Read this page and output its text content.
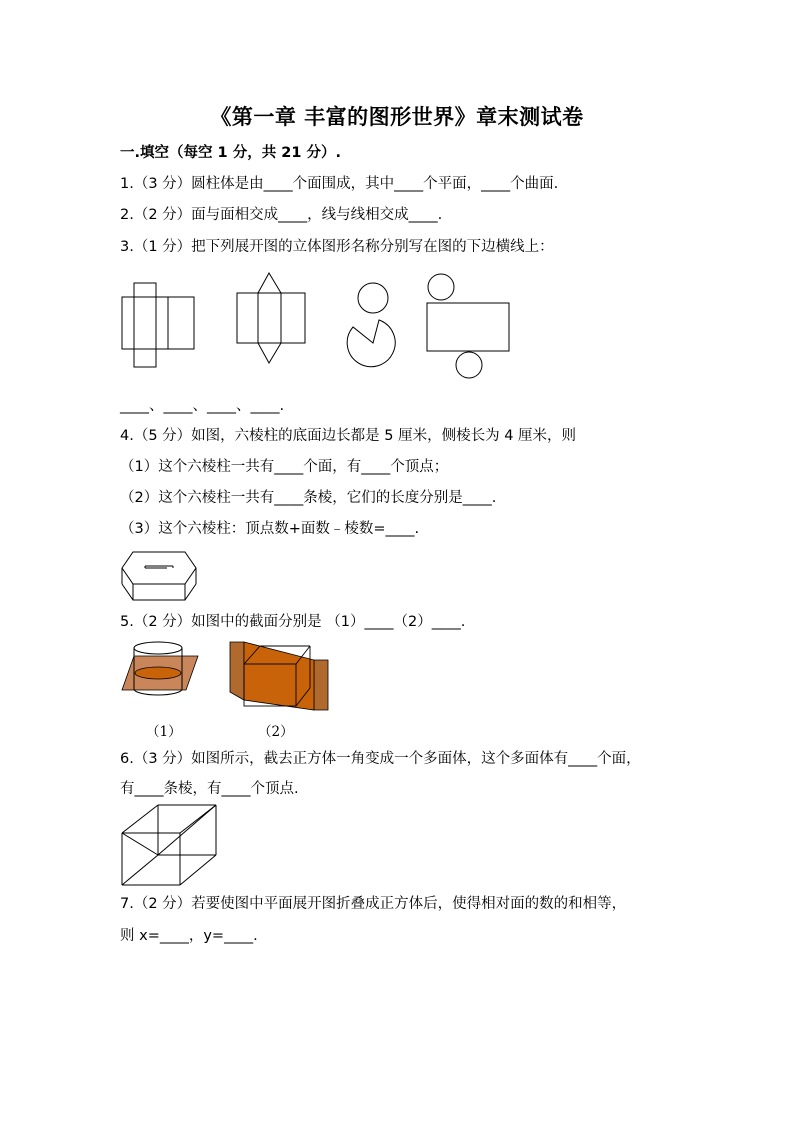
《第一章 丰富的图形世界》章末测试卷
一.填空（每空 1 分，共 21 分）.
1.（3 分）圆柱体是由____个面围成，其中____个平面，____个曲面.
2.（2 分）面与面相交成____，线与线相交成____.
3.（1 分）把下列展开图的立体图形名称分别写在图的下边横线上：
____、____、____、____.
4.（5 分）如图，六棱柱的底面边长都是 5 厘米，侧棱长为 4 厘米，则
（1）这个六棱柱一共有____个面，有____个顶点；
（2）这个六棱柱一共有____条棱，它们的长度分别是____.
（3）这个六棱柱：顶点数+面数﹣棱数=____.
5.（2 分）如图中的截面分别是 （1）____（2）____.
（1）	（2）
6.（3 分）如图所示，截去正方体一角变成一个多面体，这个多面体有____个面，
有____条棱，有____个顶点.
7.（2 分）若要使图中平面展开图折叠成正方体后，使得相对面的数的和相等，
则 x=____，y=____.
